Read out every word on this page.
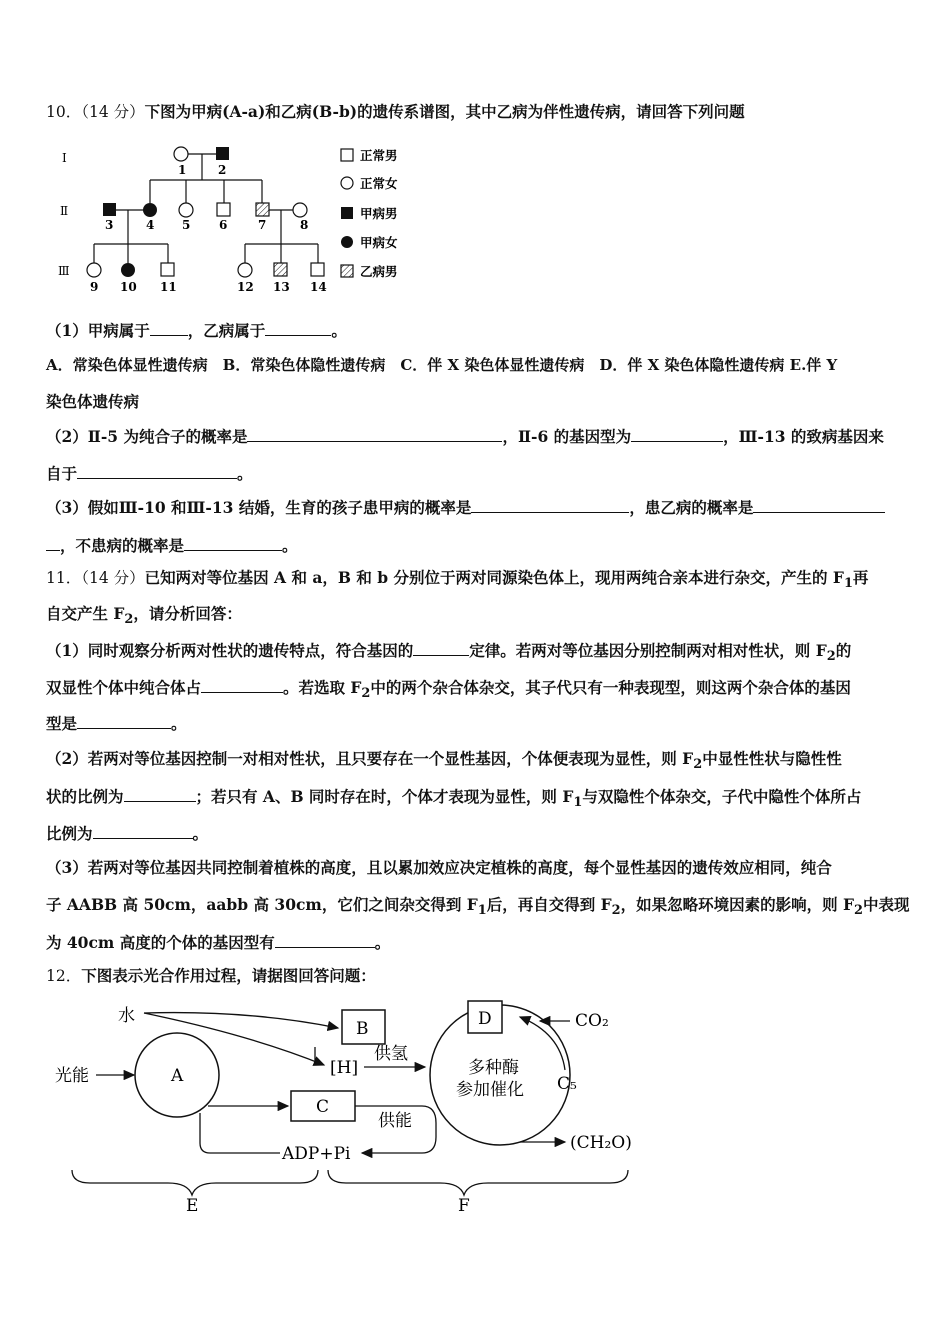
10．（14 分）下图为甲病(A-a)和乙病(B-b)的遗传系谱图，其中乙病为伴性遗传病，请回答下列问题
Ⅰ
Ⅱ
Ⅲ
1	2
3	4 5 6	7	8
9 10 11	12 13 14
正常男
正常女
甲病男
甲病女
乙病男
（1）甲病属于 ，乙病属于	。
A．常染色体显性遗传病　B．常染色体隐性遗传病　C．伴 X 染色体显性遗传病　D．伴 X 染色体隐性遗传病 E.伴 Y
染色体遗传病
（2）Ⅱ-5 为纯合子的概率是	，Ⅱ-6 的基因型为	，Ⅲ-13 的致病基因来
自于	。
（3）假如Ⅲ-10 和Ⅲ-13 结婚，生育的孩子患甲病的概率是	，患乙病的概率是
，不患病的概率是	。
11．（14 分）已知两对等位基因 A 和 a，B 和 b 分别位于两对同源染色体上，现用两纯合亲本进行杂交，产生的 $F_1$再
自交产生 $F_2$，请分析回答：
（1）同时观察分析两对性状的遗传特点，符合基因的	定律。若两对等位基因分别控制两对相对性状，则 $F_2$的
双显性个体中纯合体占	。若选取 $F_2$中的两个杂合体杂交，其子代只有一种表现型，则这两个杂合体的基因
型是	。
（2）若两对等位基因控制一对相对性状，且只要存在一个显性基因，个体便表现为显性，则 $F_2$中显性性状与隐性性
状的比例为	；若只有 A、B 同时存在时，个体才表现为显性，则 $F_1$与双隐性个体杂交，子代中隐性个体所占
比例为	。
（3）若两对等位基因共同控制着植株的高度，且以累加效应决定植株的高度，每个显性基因的遗传效应相同，纯合
子 AABB 高 50cm，aabb 高 30cm，它们之间杂交得到 $F_1$后，再自交得到 $F_2$，如果忽略环境因素的影响，则 $F_2$中表现
为 40cm 高度的个体的基因型有	。
12．下图表示光合作用过程，请据图回答问题：
水
光能	A
B
[H]
供氢
C
供能
ADP+Pi
D
多种酶
参加催化
CO₂
C₅
(CH₂O)
E	F
